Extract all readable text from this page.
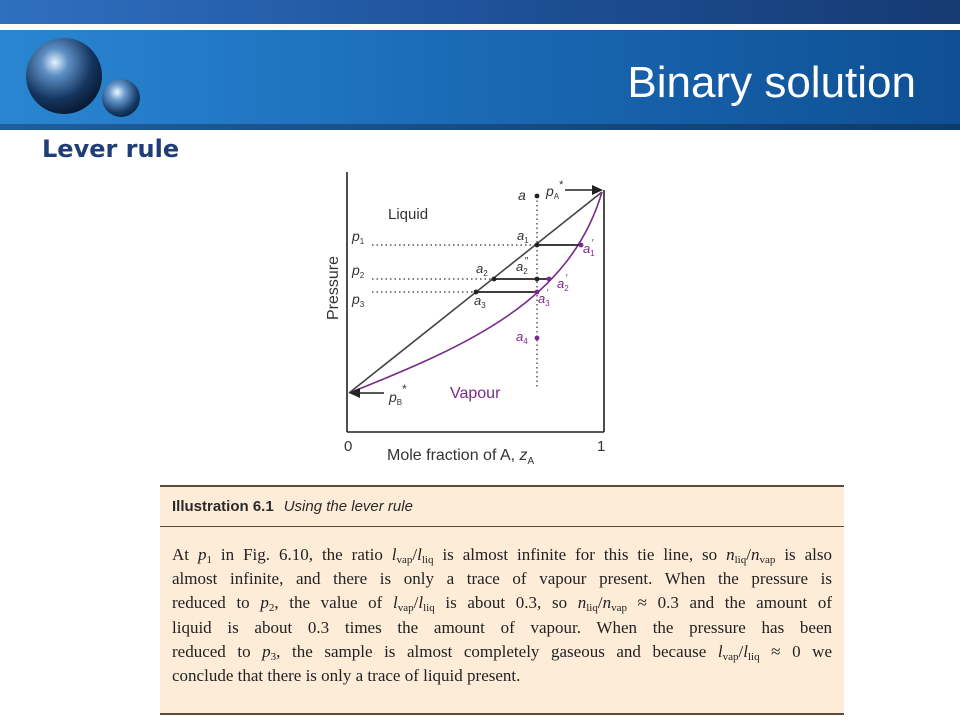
Binary solution
Lever rule
Pressure
0	1
Mole fraction of A, $z_A$
Liquid
Vapour
$p_1$
$p_2$
$p_3$
a $p_A^*$
$p_B*$
$a_1$
$a_2$
$a_3$
$a_2''$
$a_1'$
$a_2'$
$a_3'$
$a_4$
Illustration 6.1 Using the lever rule
At $p_1$ in Fig. 6.10, the ratio $l_{vap}/l_{liq}$ is almost infinite for this tie line, so $n_{liq}/n_{vap}$ is also
almost infinite, and there is only a trace of vapour present. When the pressure is
reduced to $p_2$, the value of $l_{vap}/l_{liq}$ is about 0.3, so $n_{liq}/n_{vap} \approx 0.3$ and the amount of
liquid is about 0.3 times the amount of vapour. When the pressure has been
reduced to $p_3$, the sample is almost completely gaseous and because $l_{vap}/l_{liq} \approx 0$ we
conclude that there is only a trace of liquid present.
